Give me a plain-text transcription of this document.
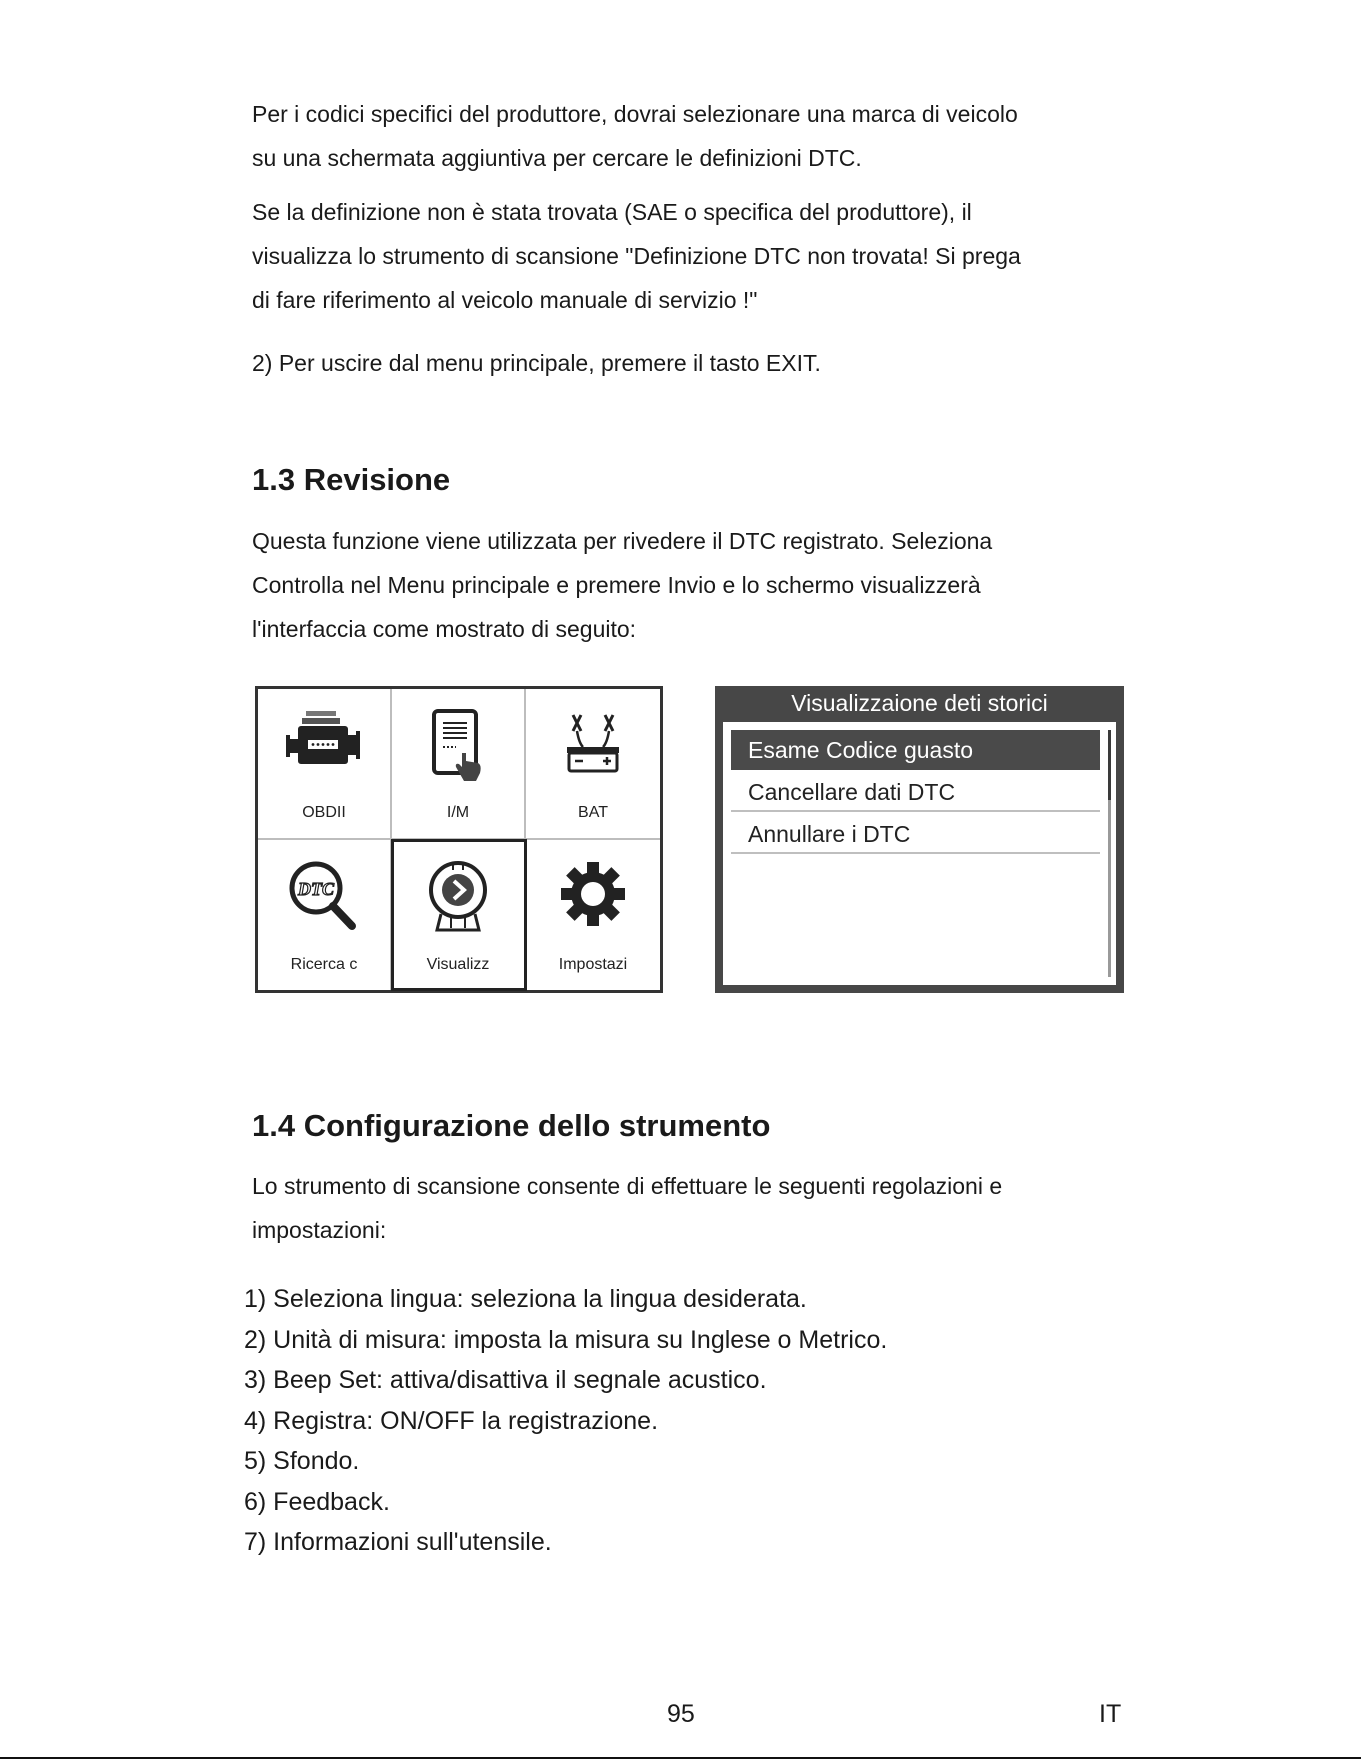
Per i codici specifici del produttore, dovrai selezionare una marca di veicolo

su una schermata aggiuntiva per cercare le definizioni DTC.

Se la definizione non è stata trovata (SAE o specifica del produttore), il

visualizza lo strumento di scansione "Definizione DTC non trovata! Si prega

di fare riferimento al veicolo manuale di servizio !"

2) Per uscire dal menu principale, premere il tasto EXIT.

1.3 Revisione

Questa funzione viene utilizzata per rivedere il DTC registrato. Seleziona

Controlla nel Menu principale e premere Invio e lo schermo visualizzerà

l'interfaccia come mostrato di seguito:

OBDII	I/M	BAT
DTC
Ricerca c	Visualizz	Impostazi
Visualizzaione deti storici
Esame Codice guasto
Cancellare dati DTC
Annullare i DTC
1.4 Configurazione dello strumento

Lo strumento di scansione consente di effettuare le seguenti regolazioni e

impostazioni:

1) Seleziona lingua: seleziona la lingua desiderata.
2) Unità di misura: imposta la misura su Inglese o Metrico.
3) Beep Set: attiva/disattiva il segnale acustico.
4) Registra: ON/OFF la registrazione.
5) Sfondo.
6) Feedback.
7) Informazioni sull'utensile.
95	IT
